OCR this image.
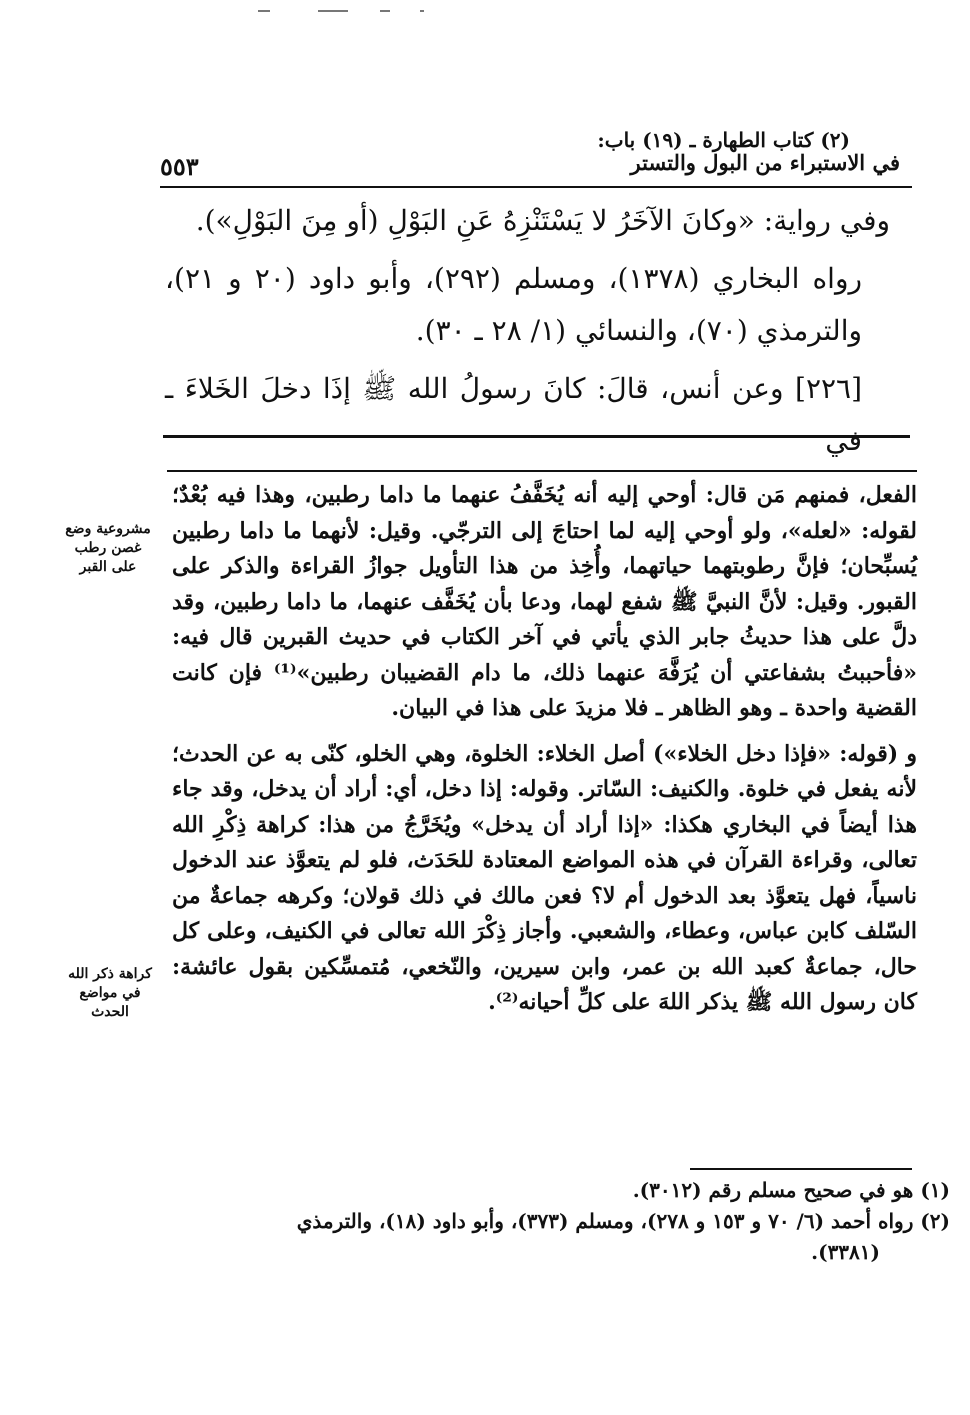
(٢) كتاب الطهارة ـ (١٩) باب:
في الاستبراء من البول والتستر
٥٥٣

وفي رواية: «وكانَ الآخَرُ لا يَسْتَنْزِهُ عَنِ البَوْلِ (أو مِنَ البَوْلِ»).

رواه البخاري (١٣٧٨)، ومسلم (٢٩٢)، وأبو داود (٢٠ و ٢١)، والترمذي (٧٠)، والنسائي (١/ ٢٨ ـ ٣٠).

[٢٢٦] وعن أنس، قالَ: كانَ رسولُ الله ﷺ إذَا دخلَ الخَلاءَ ـ في

الفعل، فمنهم مَن قال: أوحي إليه أنه يُخَفَّفُ عنهما ما داما رطبين، وهذا فيه بُعْدٌ؛ لقوله: «لعله»، ولو أوحي إليه لما احتاجَ إلى الترجّي. وقيل: لأنهما ما داما رطبين يُسبِّحان؛ فإنَّ رطوبتهما حياتهما، وأُخِذ من هذا التأويل جوازُ القراءة والذكر على القبور. وقيل: لأنَّ النبيَّ ﷺ شفع لهما، ودعا بأن يُخَفَّف عنهما، ما داما رطبين، وقد دلَّ على هذا حديثُ جابر الذي يأتي في آخر الكتاب في حديث القبرين قال فيه: «فأحببتُ بشفاعتي أن يُرَفَّهَ عنهما ذلك، ما دام القضيبان رطبين»⁽¹⁾ فإن كانت القضية واحدة ـ وهو الظاهر ـ فلا مزيدَ على هذا في البيان.

و (قوله: «فإذا دخل الخلاء») أصل الخلاء: الخلوة، وهي الخلو، كنّى به عن الحدث؛ لأنه يفعل في خلوة. والكنيف: السّاتر. وقوله: إذا دخل، أي: أراد أن يدخل، وقد جاء هذا أيضاً في البخاري هكذا: «إذا أراد أن يدخل» ويُخَرَّجُ من هذا: كراهة ذِكْرِ الله تعالى، وقراءة القرآن في هذه المواضع المعتادة للحَدَث، فلو لم يتعوَّذ عند الدخول ناسياً، فهل يتعوَّذ بعد الدخول أم لا؟ فعن مالك في ذلك قولان؛ وكرهه جماعةٌ من السّلف كابن عباس، وعطاء، والشعبي. وأجاز ذِكْرَ الله تعالى في الكنيف، وعلى كل حال، جماعةٌ كعبد الله بن عمر، وابن سيرين، والنّخعي، مُتمسِّكين بقول عائشة: كان رسول الله ﷺ يذكر اللهَ على كلِّ أحيانه⁽²⁾.

مشروعية وضع
غصن رطب
على القبر
كراهة ذكر الله
في مواضع
الحدث

(١) هو في صحيح مسلم رقم (٣٠١٢).

(٢) رواه أحمد (٦/ ٧٠ و ١٥٣ و ٢٧٨)، ومسلم (٣٧٣)، وأبو داود (١٨)، والترمذي

(٣٣٨١).
